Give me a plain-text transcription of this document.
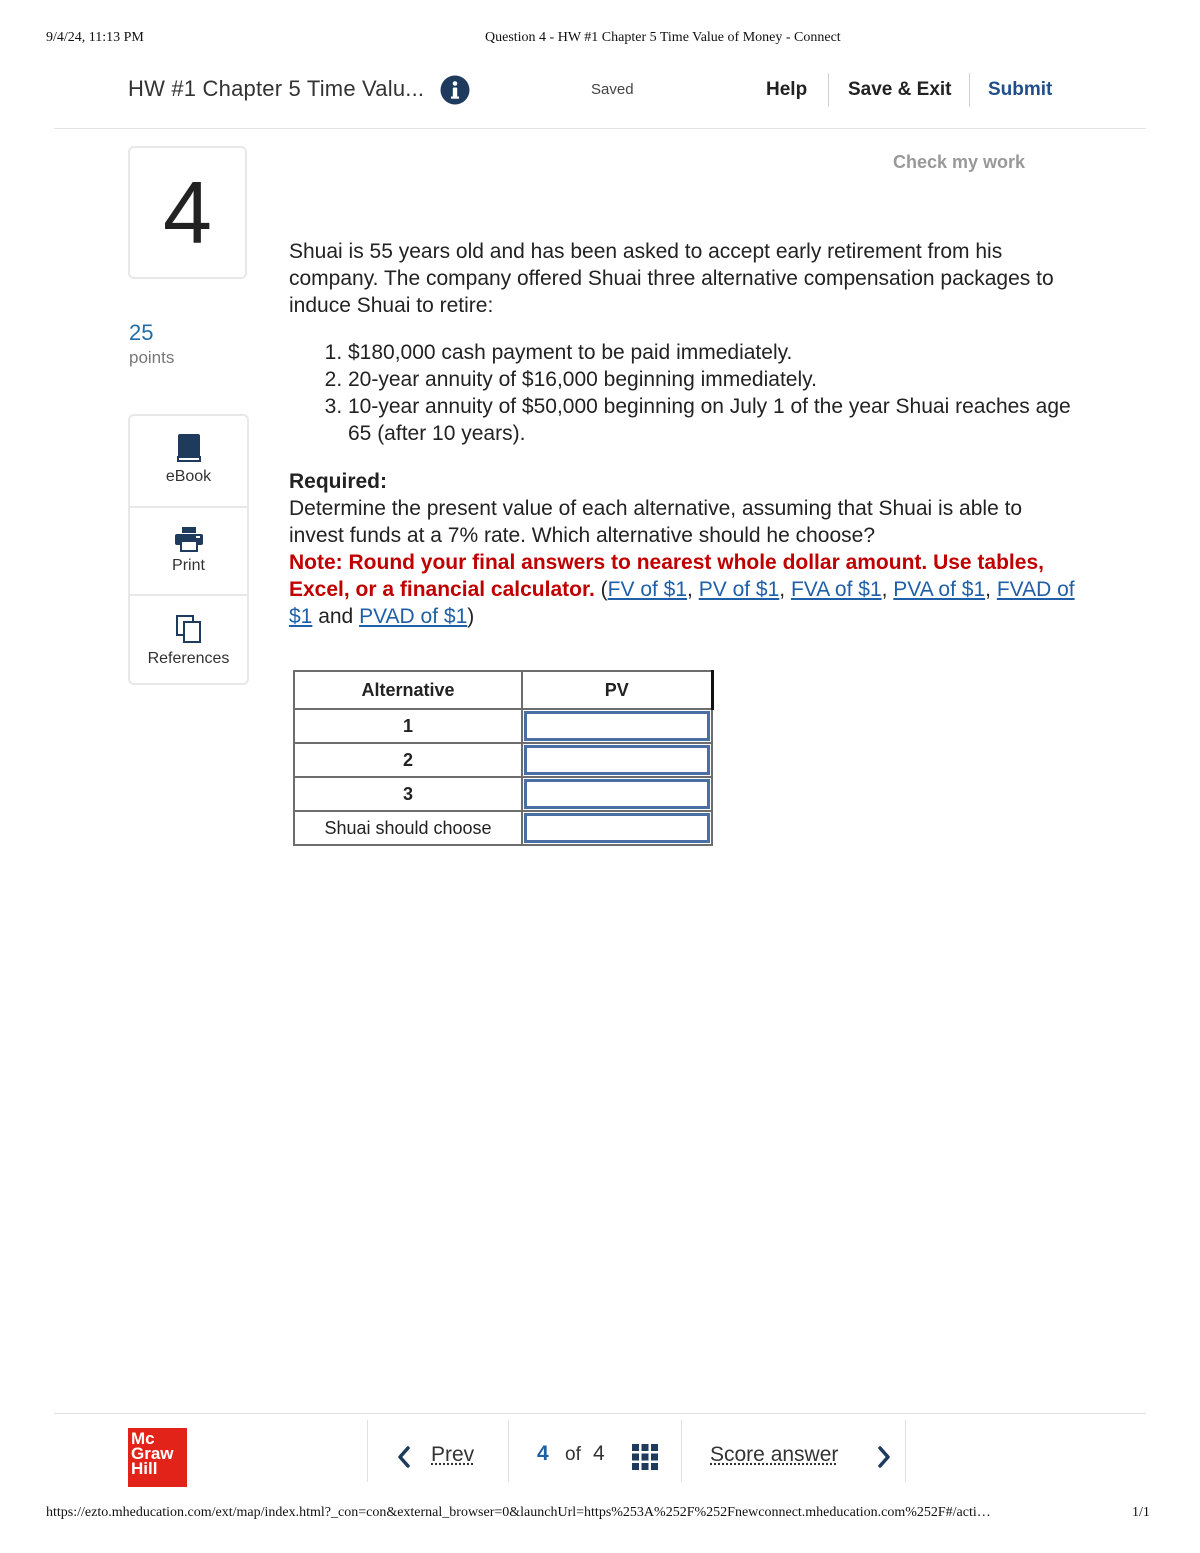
9/4/24, 11:13 PM	Question 4 - HW #1 Chapter 5 Time Value of Money - Connect
HW #1 Chapter 5 Time Valu...	Saved	Help Save & Exit Submit
4
25
points
eBook
Print
References
Check my work

Shuai is 55 years old and has been asked to accept early retirement from his company. The company offered Shuai three alternative compensation packages to induce Shuai to retire:

1. $180,000 cash payment to be paid immediately.
2. 20-year annuity of $16,000 beginning immediately.
3. 10-year annuity of $50,000 beginning on July 1 of the year Shuai reaches age 65 (after 10 years).

Required:

Determine the present value of each alternative, assuming that Shuai is able to invest funds at a 7% rate. Which alternative should he choose?

Note: Round your final answers to nearest whole dollar amount. Use tables, Excel, or a financial calculator. (FV of $1, PV of $1, FVA of $1, PVA of $1, FVAD of $1 and PVAD of $1)

Alternative	PV
1	
2	
3	
Shuai should choose	
Mc
Graw
Hill
Prev	4 of 4	Score answer
https://ezto.mheducation.com/ext/map/index.html?_con=con&external_browser=0&launchUrl=https%253A%252F%252Fnewconnect.mheducation.com%252F#/acti…	1/1
